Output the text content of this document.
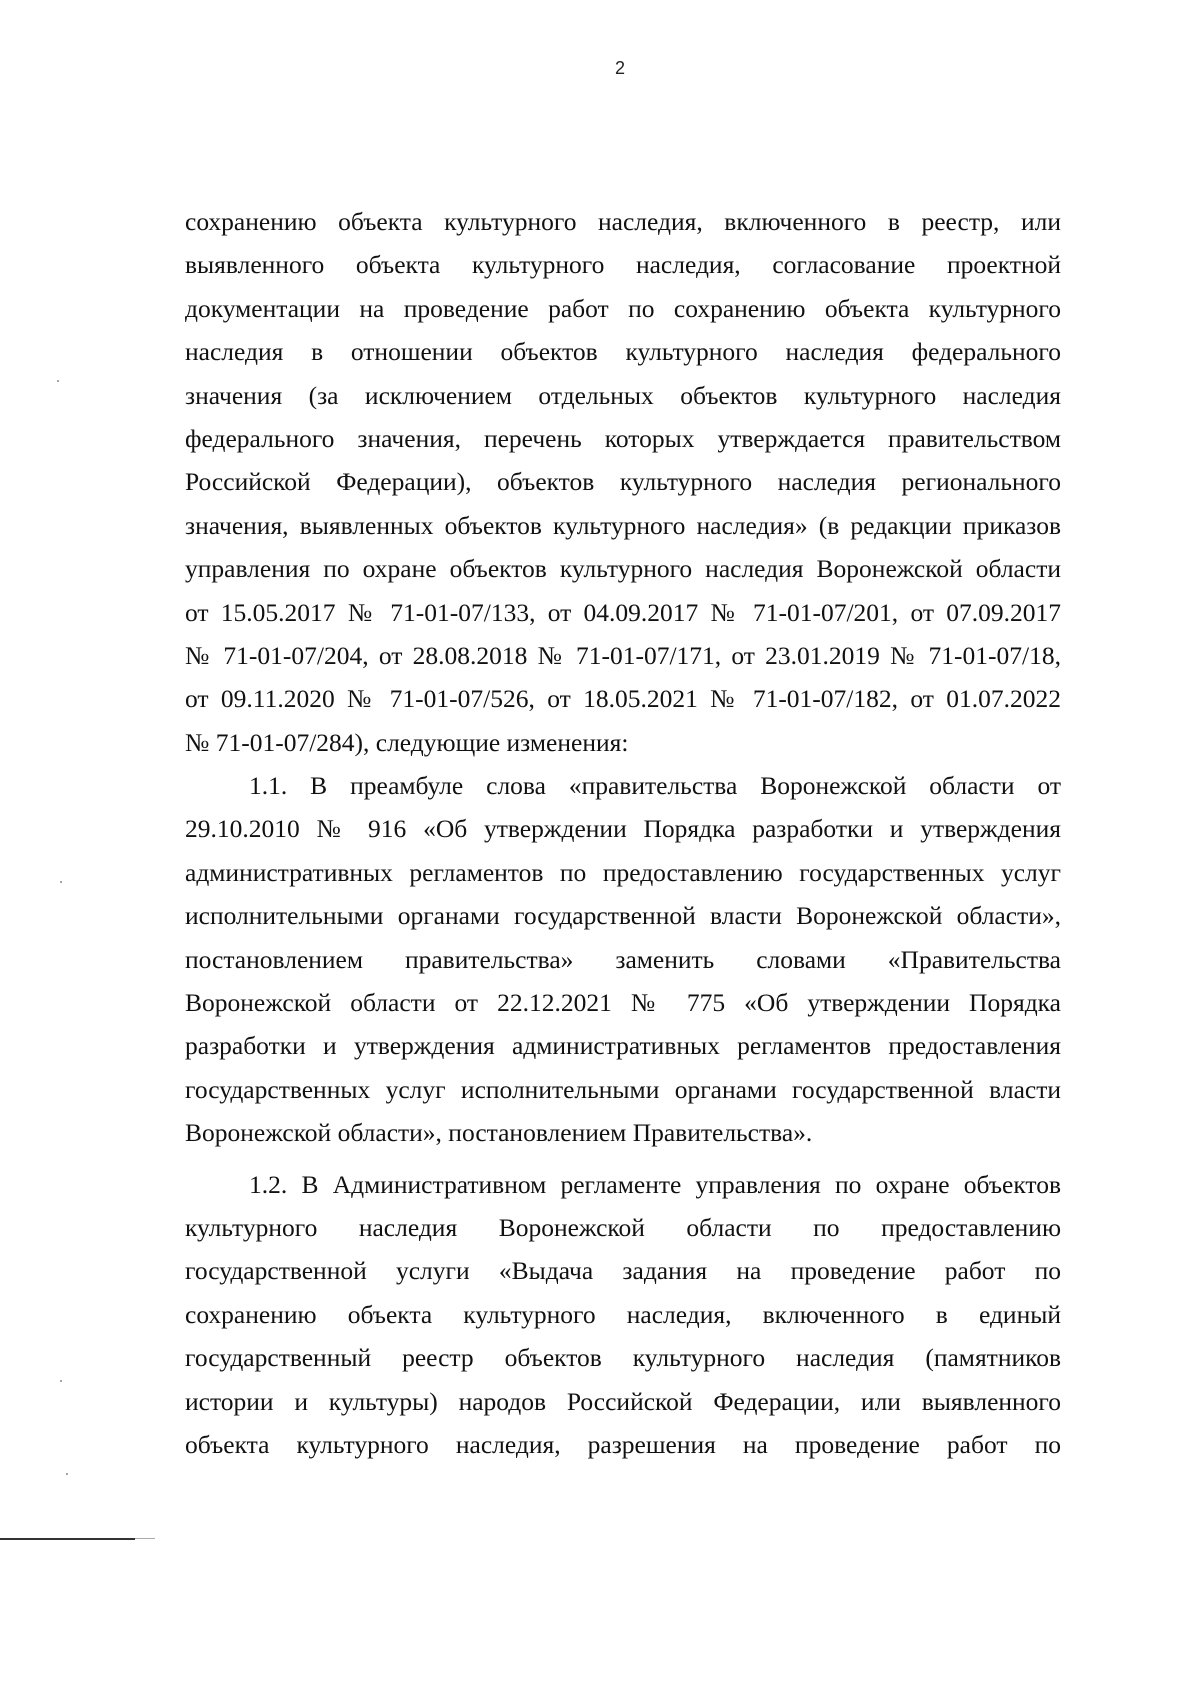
2
сохранению объекта культурного наследия, включенного в реестр, или
выявленного объекта культурного наследия, согласование проектной
документации на проведение работ по сохранению объекта культурного
наследия в отношении объектов культурного наследия федерального
значения (за исключением отдельных объектов культурного наследия
федерального значения, перечень которых утверждается правительством
Российской Федерации), объектов культурного наследия регионального
значения, выявленных объектов культурного наследия» (в редакции приказов
управления по охране объектов культурного наследия Воронежской области
от 15.05.2017 № 71-01-07/133, от 04.09.2017 № 71-01-07/201, от 07.09.2017
№ 71-01-07/204, от 28.08.2018 № 71-01-07/171, от 23.01.2019 № 71-01-07/18,
от 09.11.2020 № 71-01-07/526, от 18.05.2021 № 71-01-07/182, от 01.07.2022
№ 71-01-07/284), следующие изменения:
1.1. В преамбуле слова «правительства Воронежской области от
29.10.2010 № 916 «Об утверждении Порядка разработки и утверждения
административных регламентов по предоставлению государственных услуг
исполнительными органами государственной власти Воронежской области»,
постановлением правительства» заменить словами «Правительства
Воронежской области от 22.12.2021 № 775 «Об утверждении Порядка
разработки и утверждения административных регламентов предоставления
государственных услуг исполнительными органами государственной власти
Воронежской области», постановлением Правительства».
1.2. В Административном регламенте управления по охране объектов
культурного наследия Воронежской области по предоставлению
государственной услуги «Выдача задания на проведение работ по
сохранению объекта культурного наследия, включенного в единый
государственный реестр объектов культурного наследия (памятников
истории и культуры) народов Российской Федерации, или выявленного
объекта культурного наследия, разрешения на проведение работ по
